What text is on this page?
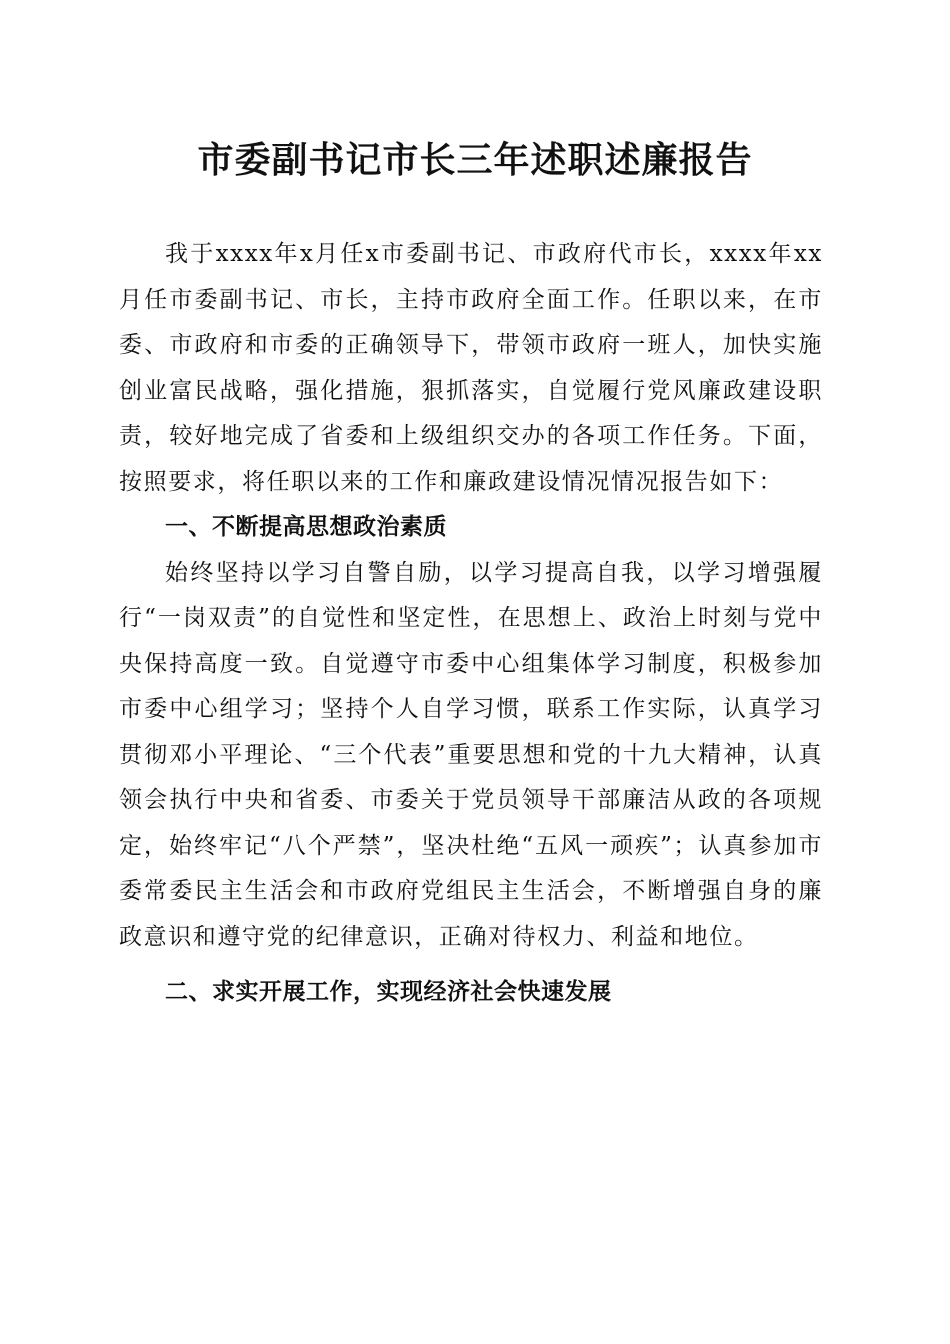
市委副书记市长三年述职述廉报告

我于xxxx年x月任x市委副书记、市政府代市长，xxxx年xx月任市委副书记、市长，主持市政府全面工作。任职以来，在市委、市政府和市委的正确领导下，带领市政府一班人，加快实施创业富民战略，强化措施，狠抓落实，自觉履行党风廉政建设职责，较好地完成了省委和上级组织交办的各项工作任务。下面，按照要求，将任职以来的工作和廉政建设情况情况报告如下：

一、不断提高思想政治素质

始终坚持以学习自警自励，以学习提高自我，以学习增强履行“一岗双责”的自觉性和坚定性，在思想上、政治上时刻与党中央保持高度一致。自觉遵守市委中心组集体学习制度，积极参加市委中心组学习；坚持个人自学习惯，联系工作实际，认真学习贯彻邓小平理论、“三个代表”重要思想和党的十九大精神，认真领会执行中央和省委、市委关于党员领导干部廉洁从政的各项规定，始终牢记“八个严禁”，坚决杜绝“五风一顽疾”；认真参加市委常委民主生活会和市政府党组民主生活会，不断增强自身的廉政意识和遵守党的纪律意识，正确对待权力、利益和地位。

二、求实开展工作，实现经济社会快速发展
